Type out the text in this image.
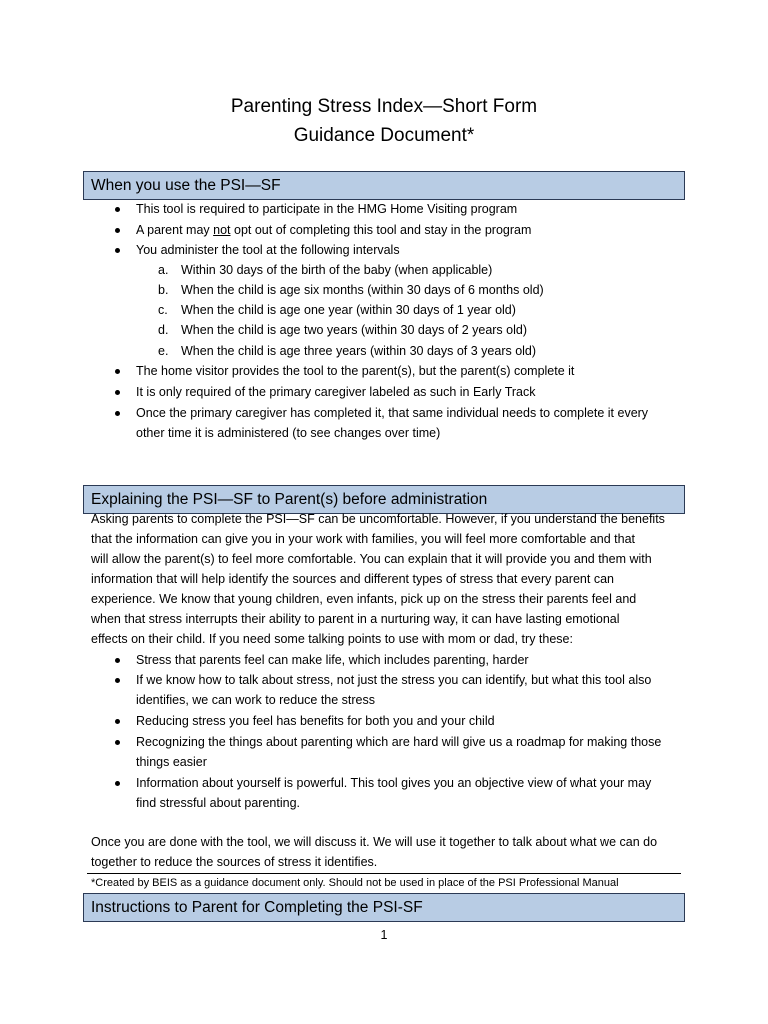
Parenting Stress Index—Short Form
Guidance Document*
When you use the PSI—SF
This tool is required to participate in the HMG Home Visiting program
A parent may not opt out of completing this tool and stay in the program
You administer the tool at the following intervals
a. Within 30 days of the birth of the baby (when applicable)
b. When the child is age six months (within 30 days of 6 months old)
c. When the child is age one year (within 30 days of 1 year old)
d. When the child is age two years (within 30 days of 2 years old)
e. When the child is age three years (within 30 days of 3 years old)
The home visitor provides the tool to the parent(s), but the parent(s) complete it
It is only required of the primary caregiver labeled as such in Early Track
Once the primary caregiver has completed it, that same individual needs to complete it every
other time it is administered (to see changes over time)
Explaining the PSI—SF to Parent(s) before administration
Asking parents to complete the PSI—SF can be uncomfortable. However, if you understand the benefits
that the information can give you in your work with families, you will feel more comfortable and that
will allow the parent(s) to feel more comfortable. You can explain that it will provide you and them with
information that will help identify the sources and different types of stress that every parent can
experience. We know that young children, even infants, pick up on the stress their parents feel and
when that stress interrupts their ability to parent in a nurturing way, it can have lasting emotional
effects on their child. If you need some talking points to use with mom or dad, try these:
Stress that parents feel can make life, which includes parenting, harder
If we know how to talk about stress, not just the stress you can identify, but what this tool also
identifies, we can work to reduce the stress
Reducing stress you feel has benefits for both you and your child
Recognizing the things about parenting which are hard will give us a roadmap for making those
things easier
Information about yourself is powerful. This tool gives you an objective view of what your may
find stressful about parenting.
Once you are done with the tool, we will discuss it. We will use it together to talk about what we can do
together to reduce the sources of stress it identifies.
*Created by BEIS as a guidance document only. Should not be used in place of the PSI Professional Manual
Instructions to Parent for Completing the PSI-SF
1
